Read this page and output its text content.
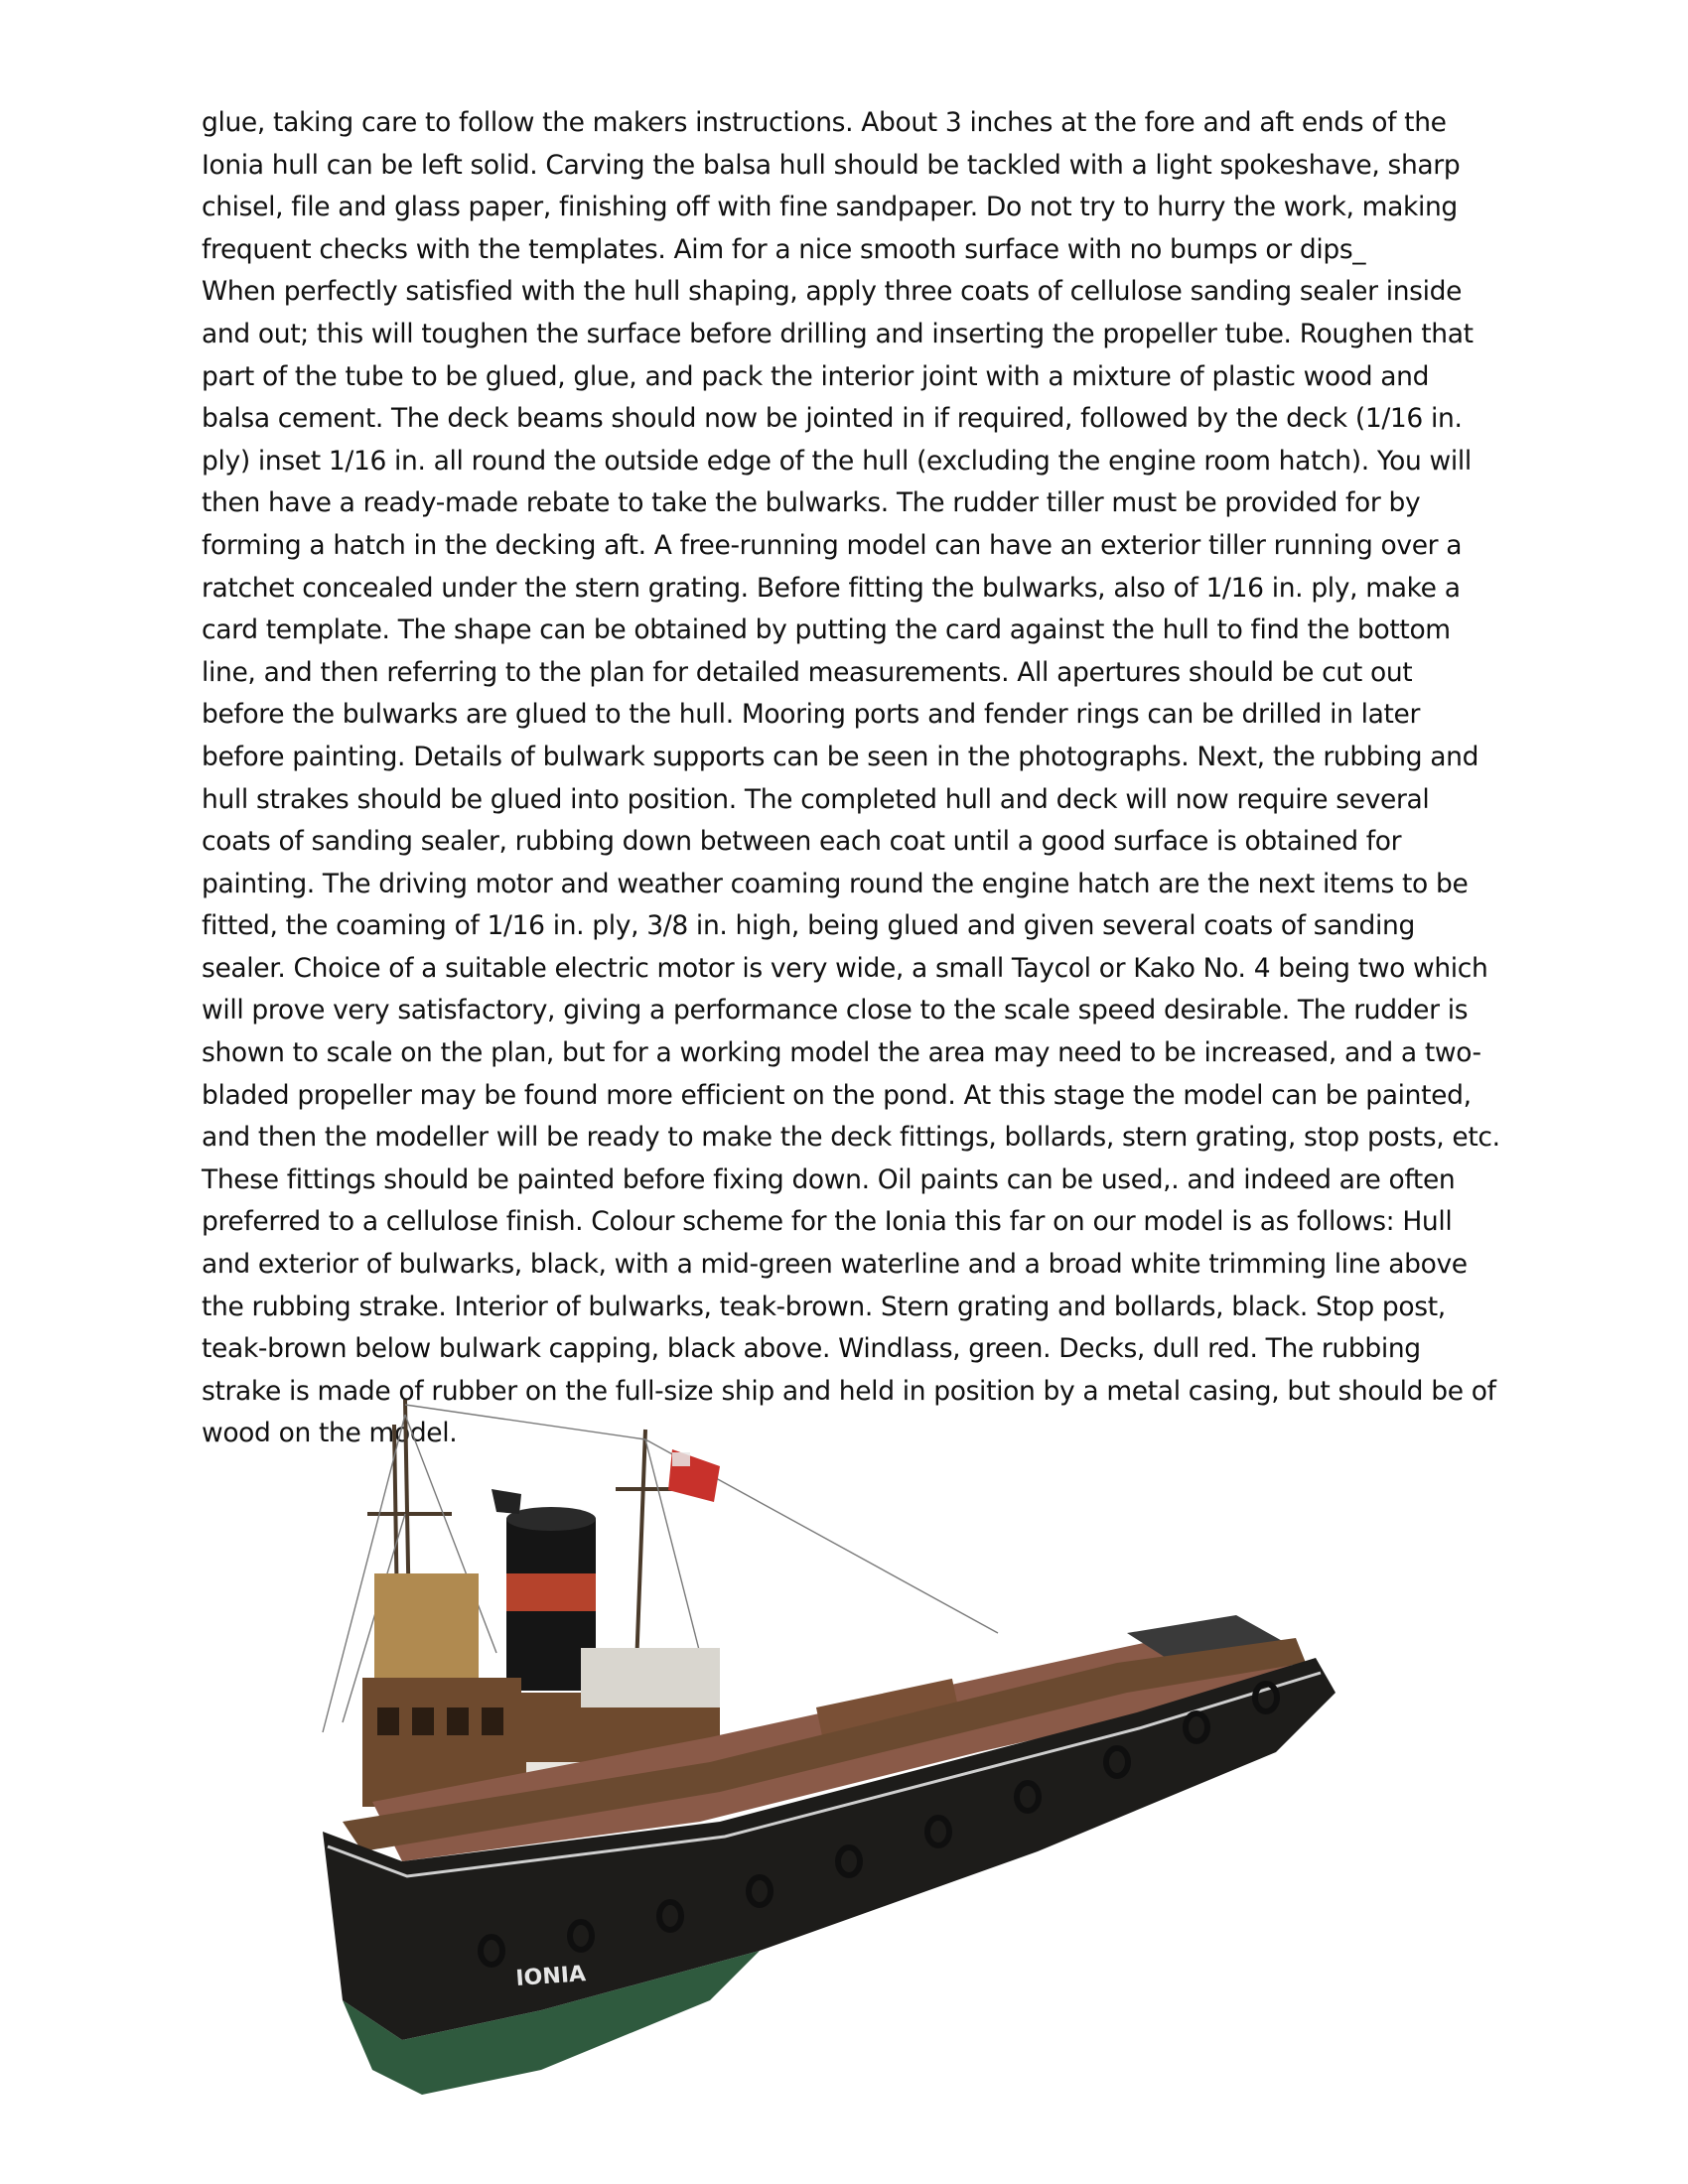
glue, taking care to follow the makers instructions. About 3 inches at the fore and aft ends of the Ionia hull can be left solid. Carving the balsa hull should be tackled with a light spokeshave, sharp chisel, file and glass paper, finishing off with fine sandpaper. Do not try to hurry the work, making frequent checks with the templates. Aim for a nice smooth surface with no bumps or dips_

When perfectly satisfied with the hull shaping, apply three coats of cellulose sanding sealer inside and out; this will toughen the surface before drilling and inserting the propeller tube. Roughen that part of the tube to be glued, glue, and pack the interior joint with a mixture of plastic wood and balsa cement. The deck beams should now be jointed in if required, followed by the deck (1/16 in. ply) inset 1/16 in. all round the outside edge of the hull (excluding the engine room hatch). You will then have a ready-made rebate to take the bulwarks. The rudder tiller must be provided for by forming a hatch in the decking aft. A free-running model can have an exterior tiller running over a ratchet concealed under the stern grating. Before fitting the bulwarks, also of 1/16 in. ply, make a card template. The shape can be obtained by putting the card against the hull to find the bottom line, and then referring to the plan for detailed measurements. All apertures should be cut out before the bulwarks are glued to the hull. Mooring ports and fender rings can be drilled in later before painting. Details of bulwark supports can be seen in the photographs. Next, the rubbing and hull strakes should be glued into position. The completed hull and deck will now require several coats of sanding sealer, rubbing down between each coat until a good surface is obtained for painting. The driving motor and weather coaming round the engine hatch are the next items to be fitted, the coaming of 1/16 in. ply, 3/8 in. high, being glued and given several coats of sanding sealer. Choice of a suitable electric motor is very wide, a small Taycol or Kako No. 4 being two which will prove very satisfactory, giving a performance close to the scale speed desirable. The rudder is shown to scale on the plan, but for a working model the area may need to be increased, and a two-bladed propeller may be found more efficient on the pond. At this stage the model can be painted, and then the modeller will be ready to make the deck fittings, bollards, stern grating, stop posts, etc. These fittings should be painted before fixing down. Oil paints can be used,. and indeed are often preferred to a cellulose finish. Colour scheme for the Ionia this far on our model is as follows: Hull and exterior of bulwarks, black, with a mid-green waterline and a broad white trimming line above the rubbing strake. Interior of bulwarks, teak-brown. Stern grating and bollards, black. Stop post, teak-brown below bulwark capping, black above. Windlass, green. Decks, dull red. The rubbing strake is made of rubber on the full-size ship and held in position by a metal casing, but should be of wood on the model.

IONIA
